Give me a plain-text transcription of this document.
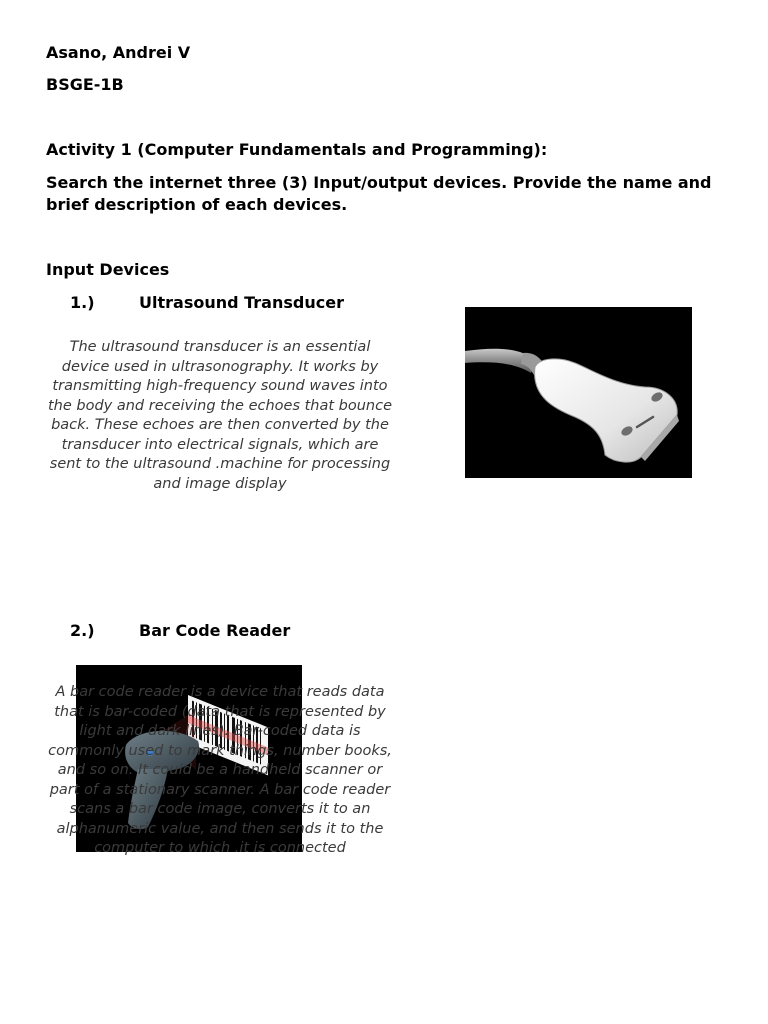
Asano, Andrei V

BSGE-1B

Activity 1 (Computer Fundamentals and Programming):

Search the internet three (3) Input/output devices. Provide the name and brief description of each devices.

Input Devices

1.)	Ultrasound Transducer

The ultrasound transducer is an essential device used in ultrasonography. It works by transmitting high-frequency sound waves into the body and receiving the echoes that bounce back. These echoes are then converted by the transducer into electrical signals, which are sent to the ultrasound .machine for processing and image display

2.)	Bar Code Reader

A bar code reader is a device that reads data that is bar-coded (data that is represented by light and dark lines). Bar-coded data is commonly used to mark things, number books, and so on. It could be a handheld scanner or part of a stationary scanner. A bar code reader scans a bar code image, converts it to an alphanumeric value, and then sends it to the computer to which .it is connected
